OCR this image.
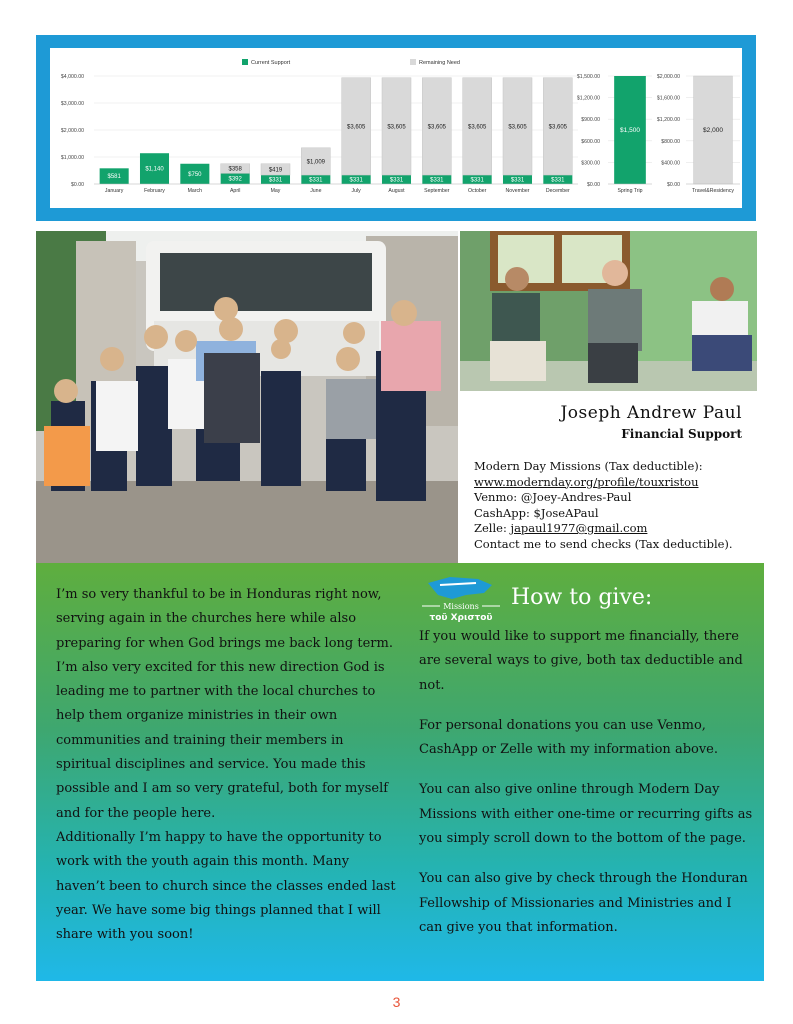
Current Support	Remaining Need
$0.00
$1,000.00
$2,000.00
$3,000.00
$4,000.00
$581
January
$1,140
February
$750
March
$358
$392
April
$419
$331
May
$1,009
$331
June
$3,605
$331
July
$3,605
$331
August
$3,605
$331
September
$3,605
$331
October
$3,605
$331
November
$3,605
$331
December
$0.00
$300.00
$600.00
$900.00
$1,200.00
$1,500.00
$1,500
Spring Trip
$0.00
$400.00
$800.00
$1,200.00
$1,600.00
$2,000.00
$2,000
Travel&Residency
Joseph Andrew Paul
Financial Support
Modern Day Missions (Tax deductible):
www.modernday.org/profile/touxristou
Venmo: @Joey-Andres-Paul
CashApp: $JoseAPaul
Zelle: japaul1977@gmail.com
Contact me to send checks (Tax deductible).

I’m so very thankful to be in Honduras right now, serving again in the churches here while also preparing for when God brings me back long term. I’m also very excited for this new direction God is leading me to partner with the local churches to help them organize ministries in their own communities and training their members in spiritual disciplines and service. You made this possible and I am so very grateful, both for myself and for the people here.

Additionally I’m happy to have the opportunity to work with the youth again this month. Many haven’t been to church since the classes ended last year. We have some big things planned that I will share with you soon!

Missions
τοῦ Χριστοῦ
How to give:

If you would like to support me financially, there are several ways to give, both tax deductible and not.

For personal donations you can use Venmo, CashApp or Zelle with my information above.

You can also give online through Modern Day Missions with either one-time or recurring gifts as you simply scroll down to the bottom of the page.

You can also give by check through the Honduran Fellowship of Missionaries and Ministries and I can give you that information.

3
